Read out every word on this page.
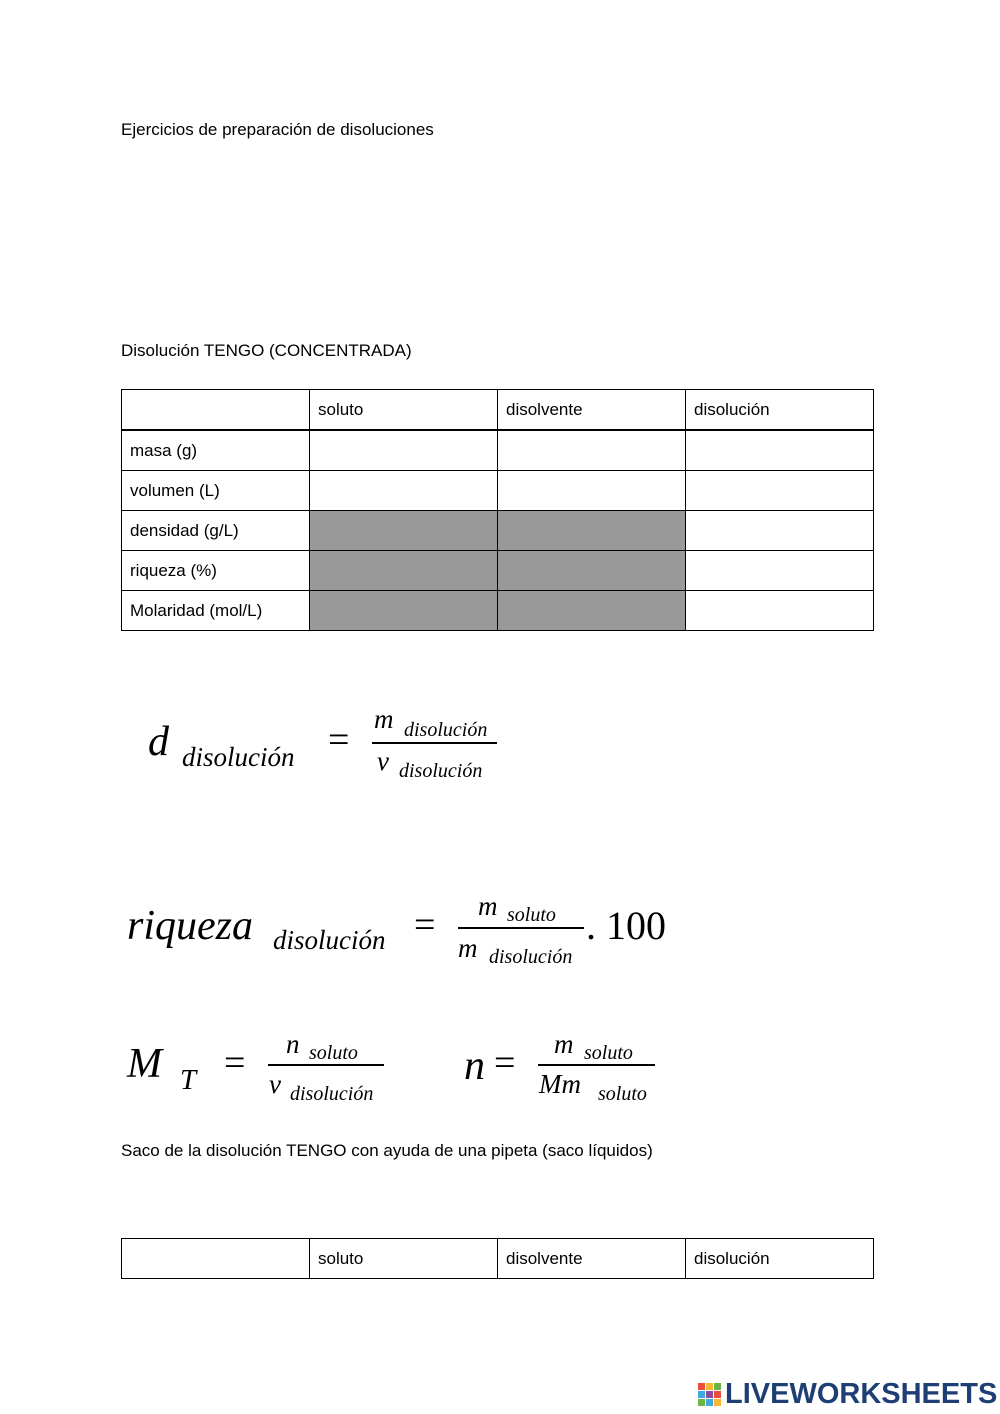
Ejercicios de preparación de disoluciones
Disolución TENGO (CONCENTRADA)
	soluto	disolvente	disolución
masa (g)			
volumen (L)			
densidad (g/L)			
riqueza (%)			
Molaridad (mol/L)			
d disolución = m disolución
v disolución
riqueza disolución = m soluto
m disolución
. 100
M T = n soluto
v disolución
n = m soluto
Mm soluto
Saco de la disolución TENGO con ayuda de una pipeta (saco líquidos)
	soluto	disolvente	disolución
LIVEWORKSHEETS
